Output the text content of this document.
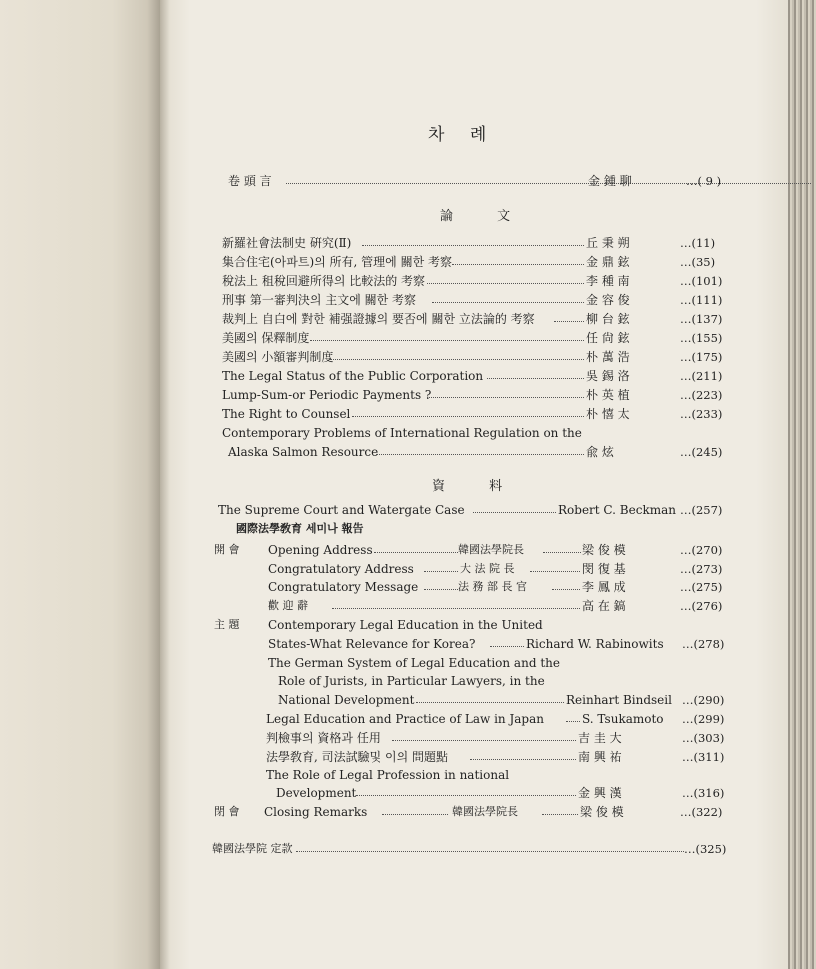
차 례
卷 頭 言	金 鍾 聊	…( 9 )
論 文
新羅社會法制史 硏究(Ⅱ)	丘 秉 朔	…(11)
集合住宅(아파트)의 所有, 管理에 關한 考察	金 鼎 鉉	…(35)
稅法上 租稅回避所得의 比較法的 考察	李 種 南	…(101)
刑事 第一審判決의 主文에 關한 考察	金 容 俊	…(111)
裁判上 自白에 對한 補强證據의 要否에 關한 立法論的 考察	柳 台 鉉	…(137)
美國의 保釋制度	任 尙 鉉	…(155)
美國의 小額審判制度	朴 萬 浩	…(175)
The Legal Status of the Public Corporation	吳 錫 洛	…(211)
Lump-Sum-or Periodic Payments ?	朴 英 植	…(223)
The Right to Counsel	朴 憘 太	…(233)
Contemporary Problems of International Regulation on the
Alaska Salmon Resource	兪 炫	…(245)
資 料
The Supreme Court and Watergate Case	Robert C. Beckman …(257)
國際法學敎育 세미나 報告
開 會 Opening Address	韓國法學院長	梁 俊 模	…(270)
Congratulatory Address	大 法 院 長	閔 復 基	…(273)
Congratulatory Message	法 務 部 長 官	李 鳳 成	…(275)
歡 迎 辭	高 在 鎬	…(276)
主 題 Contemporary Legal Education in the United
States-What Relevance for Korea?	Richard W. Rabinowits …(278)
The German System of Legal Education and the
Role of Jurists, in Particular Lawyers, in the
National Development	Reinhart Bindseil …(290)
Legal Education and Practice of Law in Japan	S. Tsukamoto …(299)
判檢事의 資格과 任用	吉 圭 大	…(303)
法學敎育, 司法試驗및 이의 問題點	南 興 祐	…(311)
The Role of Legal Profession in national
Development	金 興 漢	…(316)
閉 會 Closing Remarks	韓國法學院長	梁 俊 模	…(322)
韓國法學院 定款	…(325)
